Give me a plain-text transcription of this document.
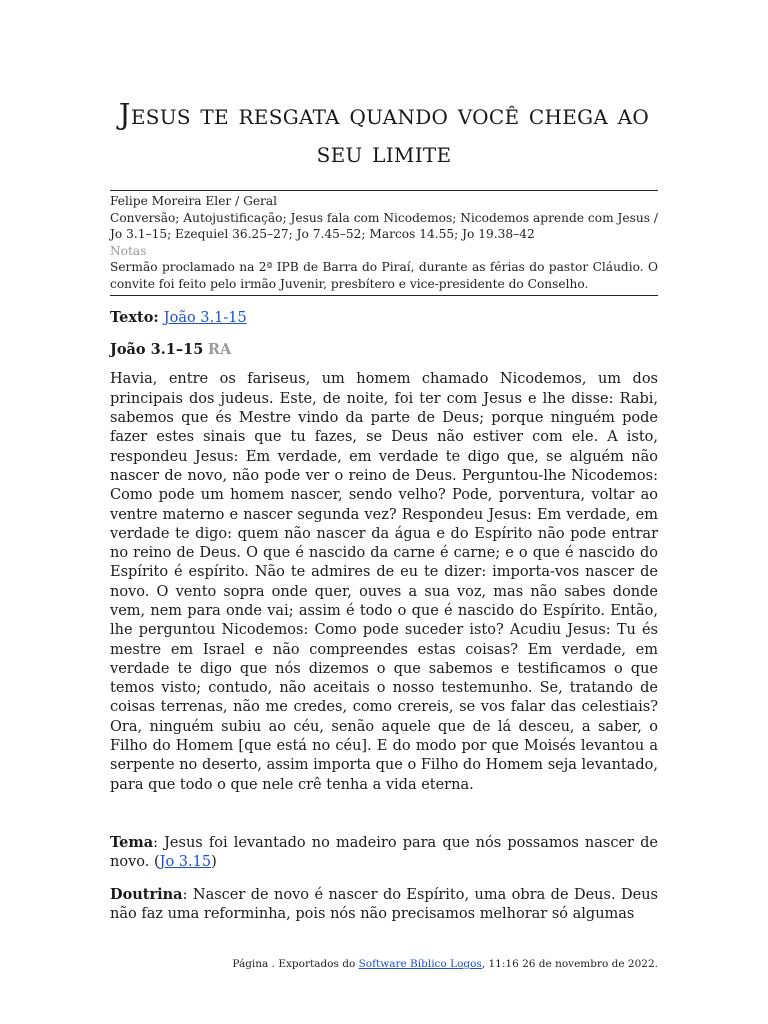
Jesus te resgata quando você chega ao seu limite
Felipe Moreira Eler / Geral
Conversão; Autojustificação; Jesus fala com Nicodemos; Nicodemos aprende com Jesus / Jo 3.1–15; Ezequiel 36.25–27; Jo 7.45–52; Marcos 14.55; Jo 19.38–42
Notas
Sermão proclamado na 2ª IPB de Barra do Piraí, durante as férias do pastor Cláudio. O convite foi feito pelo irmão Juvenir, presbítero e vice-presidente do Conselho.
Texto: João 3.1-15
João 3.1–15 RA
Havia, entre os fariseus, um homem chamado Nicodemos, um dos principais dos judeus. Este, de noite, foi ter com Jesus e lhe disse: Rabi, sabemos que és Mestre vindo da parte de Deus; porque ninguém pode fazer estes sinais que tu fazes, se Deus não estiver com ele. A isto, respondeu Jesus: Em verdade, em verdade te digo que, se alguém não nascer de novo, não pode ver o reino de Deus. Perguntou-lhe Nicodemos: Como pode um homem nascer, sendo velho? Pode, porventura, voltar ao ventre materno e nascer segunda vez? Respondeu Jesus: Em verdade, em verdade te digo: quem não nascer da água e do Espírito não pode entrar no reino de Deus. O que é nascido da carne é carne; e o que é nascido do Espírito é espírito. Não te admires de eu te dizer: importa-vos nascer de novo. O vento sopra onde quer, ouves a sua voz, mas não sabes donde vem, nem para onde vai; assim é todo o que é nascido do Espírito. Então, lhe perguntou Nicodemos: Como pode suceder isto? Acudiu Jesus: Tu és mestre em Israel e não compreendes estas coisas? Em verdade, em verdade te digo que nós dizemos o que sabemos e testificamos o que temos visto; contudo, não aceitais o nosso testemunho. Se, tratando de coisas terrenas, não me credes, como crereis, se vos falar das celestiais? Ora, ninguém subiu ao céu, senão aquele que de lá desceu, a saber, o Filho do Homem [que está no céu]. E do modo por que Moisés levantou a serpente no deserto, assim importa que o Filho do Homem seja levantado, para que todo o que nele crê tenha a vida eterna.
Tema: Jesus foi levantado no madeiro para que nós possamos nascer de novo. (Jo 3.15)
Doutrina: Nascer de novo é nascer do Espírito, uma obra de Deus. Deus não faz uma reforminha, pois nós não precisamos melhorar só algumas
Página . Exportados do Software Bíblico Logos, 11:16 26 de novembro de 2022.
